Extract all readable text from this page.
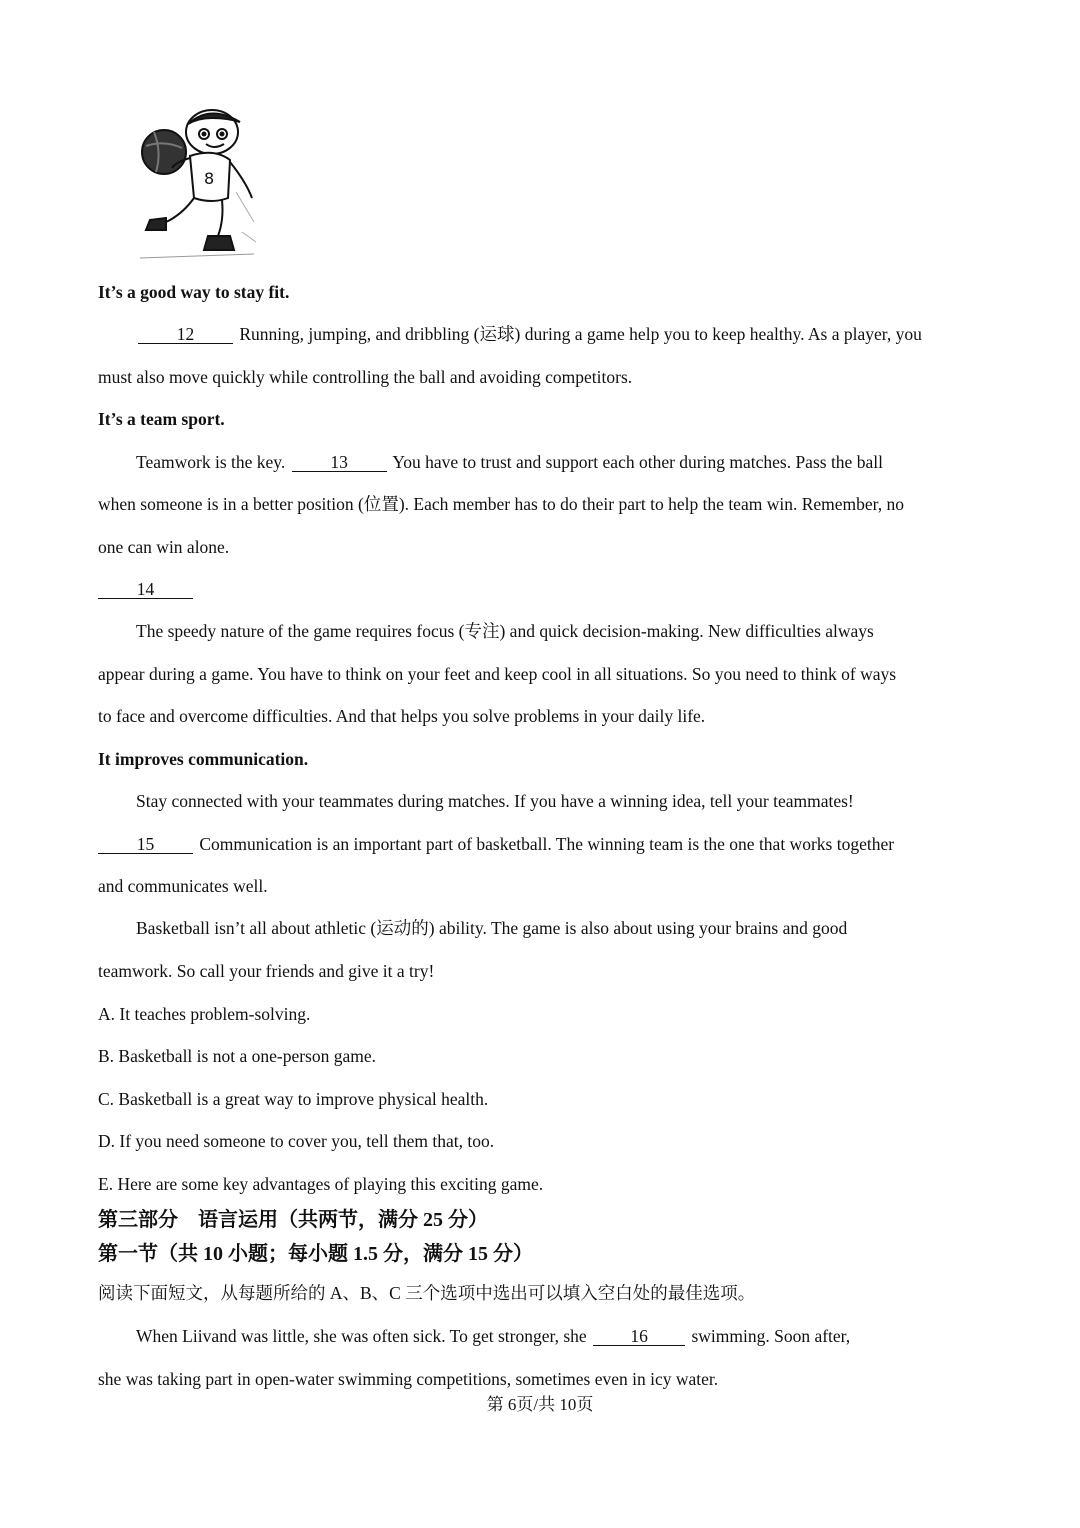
8
It’s a good way to stay fit.
12	Running, jumping, and dribbling (运球) during a game help you to keep healthy. As a player, you
must also move quickly while controlling the ball and avoiding competitors.
It’s a team sport.
Teamwork is the key.	13	You have to trust and support each other during matches. Pass the ball
when someone is in a better position (位置). Each member has to do their part to help the team win. Remember, no
one can win alone.
14
The speedy nature of the game requires focus (专注) and quick decision-making. New difficulties always
appear during a game. You have to think on your feet and keep cool in all situations. So you need to think of ways
to face and overcome difficulties. And that helps you solve problems in your daily life.
It improves communication.
Stay connected with your teammates during matches. If you have a winning idea, tell your teammates!
15	Communication is an important part of basketball. The winning team is the one that works together
and communicates well.
Basketball isn’t all about athletic (运动的) ability. The game is also about using your brains and good
teamwork. So call your friends and give it a try!
A. It teaches problem-solving.
B. Basketball is not a one-person game.
C. Basketball is a great way to improve physical health.
D. If you need someone to cover you, tell them that, too.
E. Here are some key advantages of playing this exciting game.
第三部分　语言运用（共两节，满分 25 分）
第一节（共 10 小题；每小题 1.5 分，满分 15 分）
阅读下面短文，从每题所给的 A、B、C 三个选项中选出可以填入空白处的最佳选项。
When Liivand was little, she was often sick. To get stronger, she 16 swimming. Soon after,
she was taking part in open-water swimming competitions, sometimes even in icy water.
第 6页/共 10页
